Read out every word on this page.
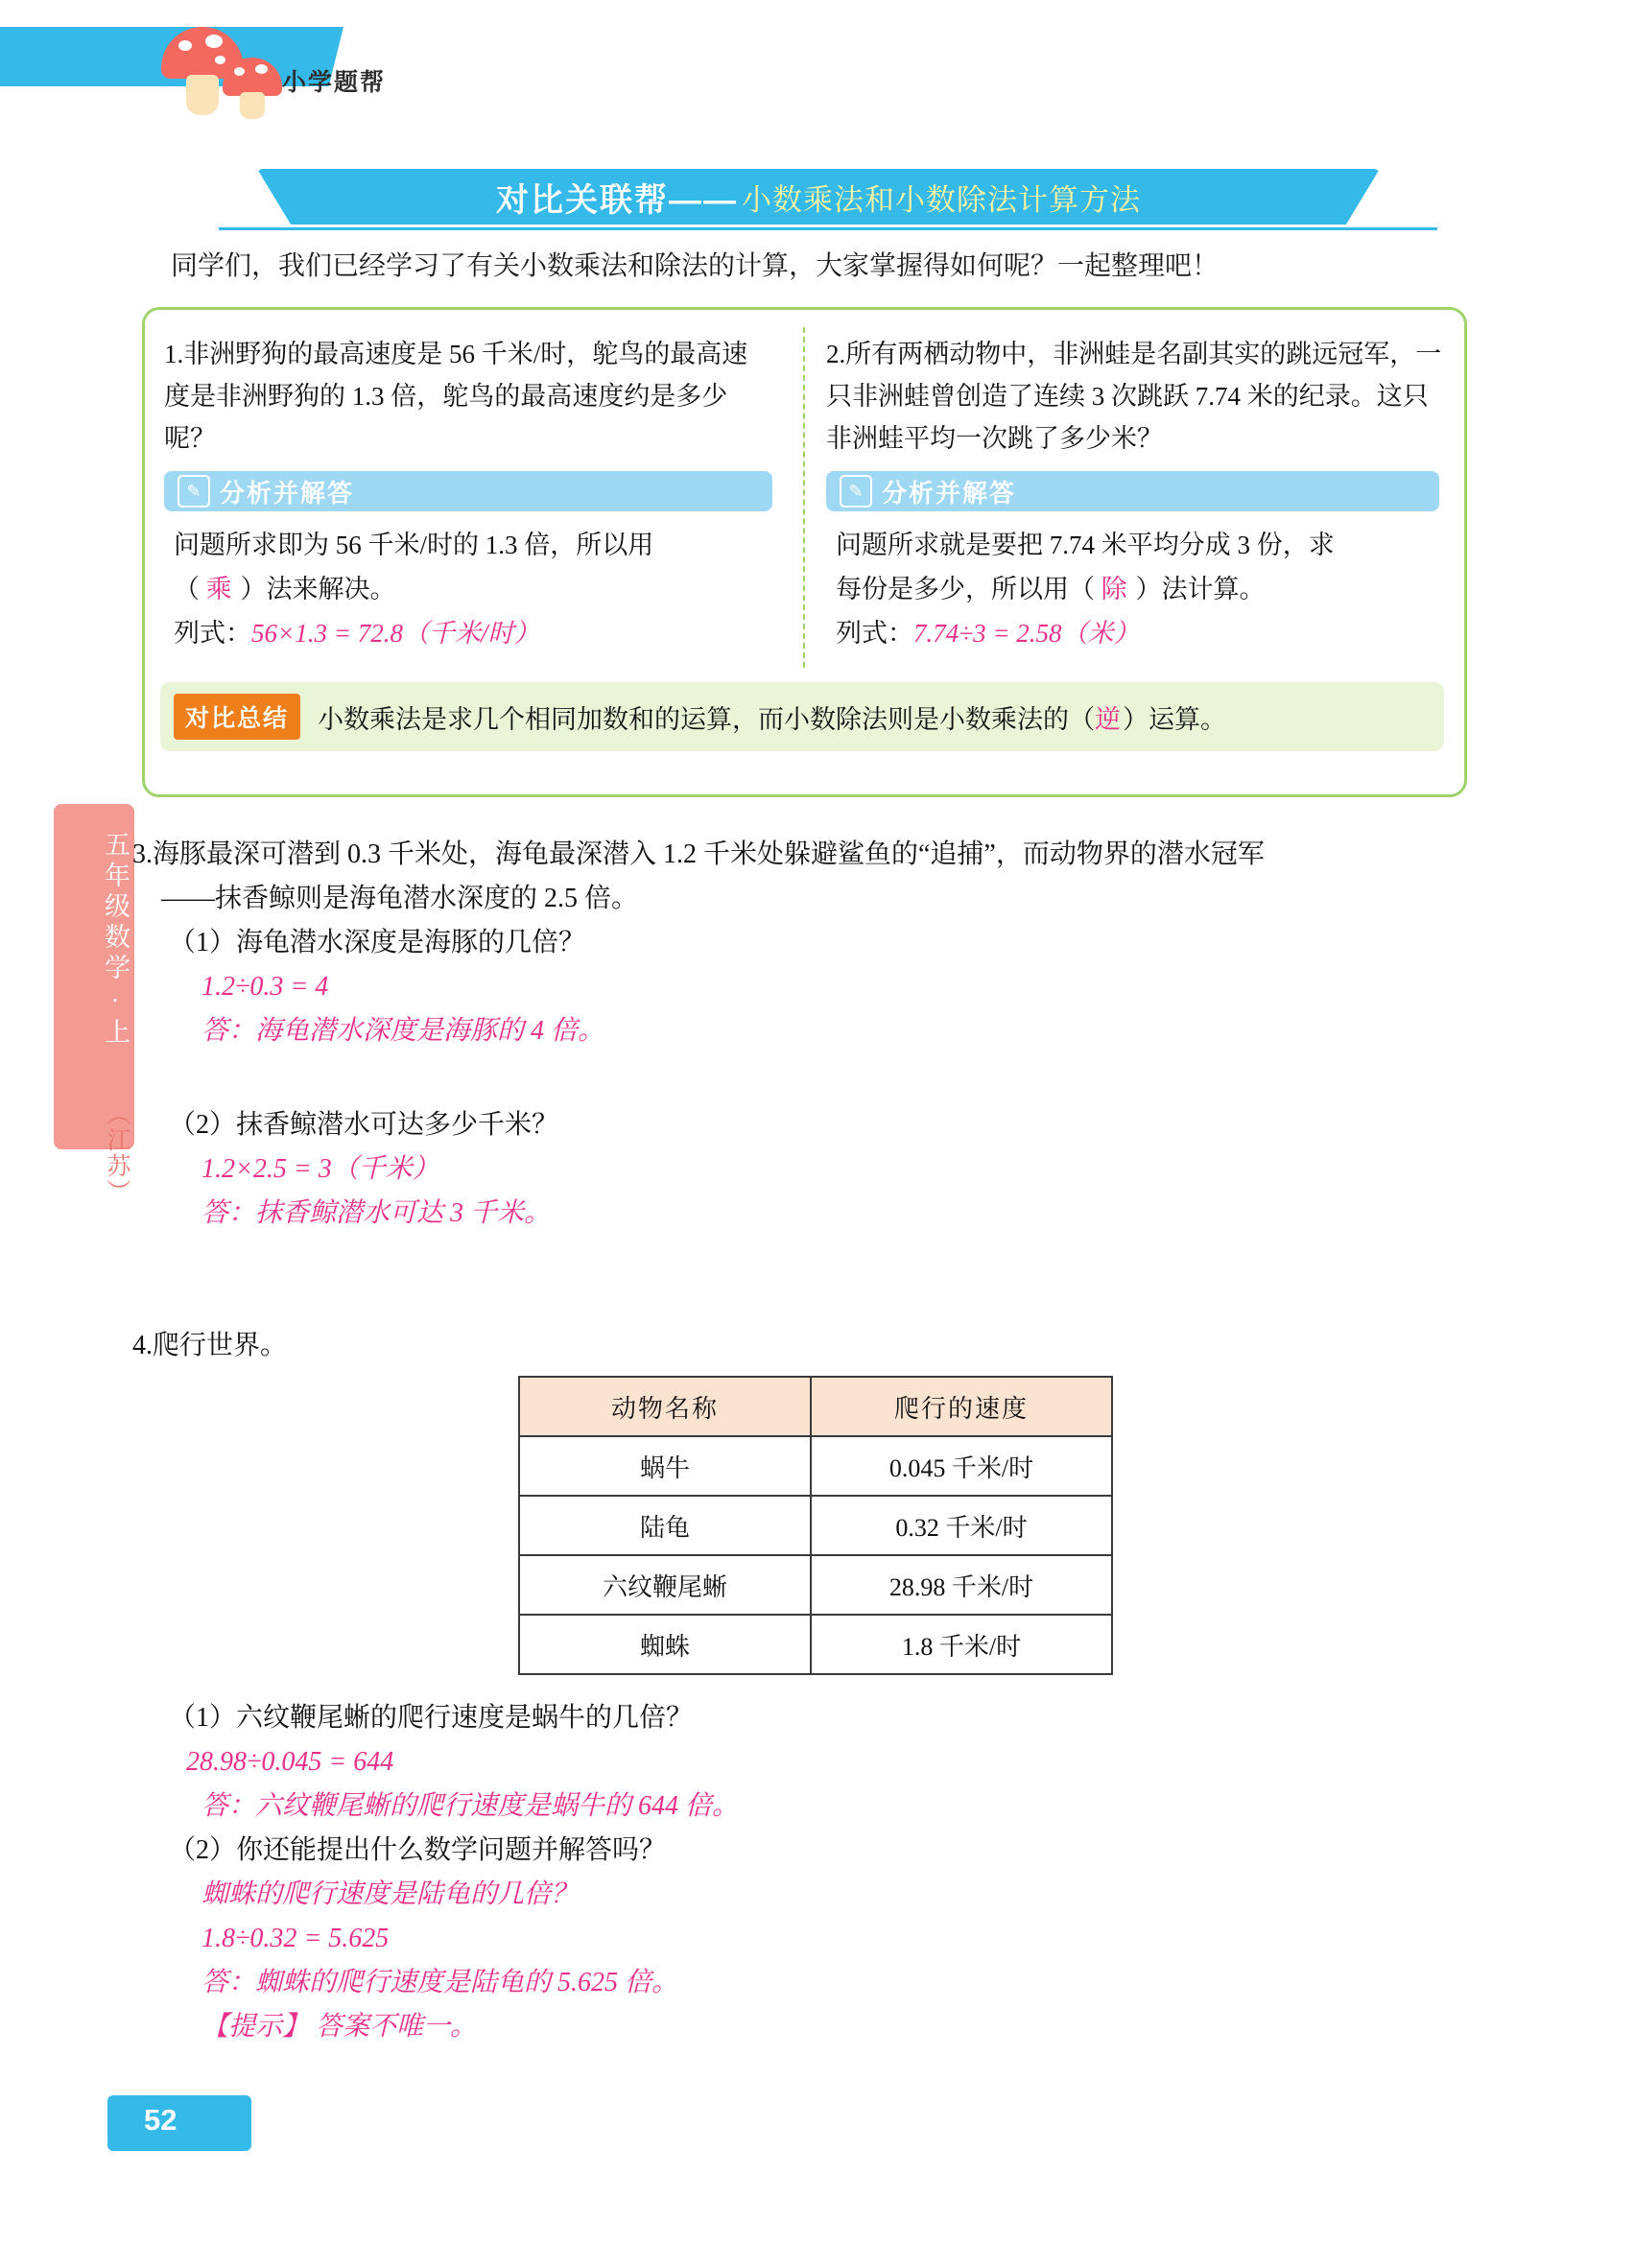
小学题帮
五年级数学·上
（江苏）
对比关联帮—— 小数乘法和小数除法计算方法
同学们，我们已经学习了有关小数乘法和除法的计算，大家掌握得如何呢？一起整理吧！
1.非洲野狗的最高速度是 56 千米/时，鸵鸟的最高速度是非洲野狗的 1.3 倍，鸵鸟的最高速度约是多少呢？
2.所有两栖动物中，非洲蛙是名副其实的跳远冠军，一只非洲蛙曾创造了连续 3 次跳跃 7.74 米的纪录。这只非洲蛙平均一次跳了多少米？
✎ 分析并解答	✎ 分析并解答
问题所求即为 56 千米/时的 1.3 倍，所以用
（ 乘 ）法来解决。
列式：56×1.3 = 72.8（千米/时）
问题所求就是要把 7.74 米平均分成 3 份，求
每份是多少，所以用（ 除 ）法计算。
列式：7.74÷3 = 2.58（米）
对比总结	小数乘法是求几个相同加数和的运算，而小数除法则是小数乘法的（逆）运算。
3.海豚最深可潜到 0.3 千米处，海龟最深潜入 1.2 千米处躲避鲨鱼的“追捕”，而动物界的潜水冠军
——抹香鲸则是海龟潜水深度的 2.5 倍。
（1）海龟潜水深度是海豚的几倍？
1.2÷0.3 = 4
答：海龟潜水深度是海豚的 4 倍。
（2）抹香鲸潜水可达多少千米？
1.2×2.5 = 3（千米）
答：抹香鲸潜水可达 3 千米。
4.爬行世界。
动物名称	爬行的速度
蜗牛	0.045 千米/时
陆龟	0.32 千米/时
六纹鞭尾蜥	28.98 千米/时
蜘蛛	1.8 千米/时
（1）六纹鞭尾蜥的爬行速度是蜗牛的几倍？
28.98÷0.045 = 644
答：六纹鞭尾蜥的爬行速度是蜗牛的 644 倍。
（2）你还能提出什么数学问题并解答吗？
蜘蛛的爬行速度是陆龟的几倍？
1.8÷0.32 = 5.625
答：蜘蛛的爬行速度是陆龟的 5.625 倍。
【提示】 答案不唯一。
52
